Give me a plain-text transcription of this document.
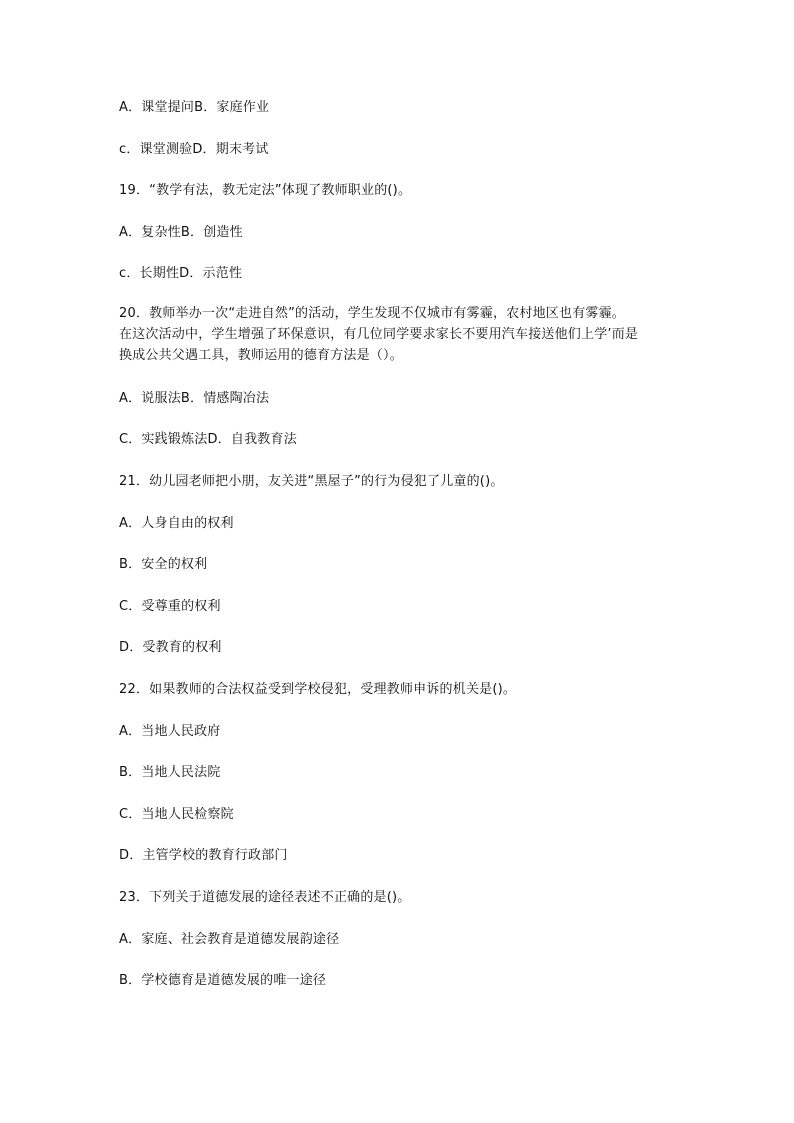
A．课堂提问B．家庭作业
c．课堂测验D．期末考试
19．“教学有法，教无定法”体现了教师职业的()。
A．复杂性B．创造性
c．长期性D．示范性
20．教师举办一次“走进自然”的活动，学生发现不仅城市有雾霾，农村地区也有雾霾。
在这次活动中，学生增强了环保意识，有几位同学要求家长不要用汽车接送他们上学’而是
换成公共父遇工具，教师运用的德育方法是（）。
A．说服法B．情感陶冶法
C．实践锻炼法D．自我教育法
21．幼儿园老师把小朋，友关进“黑屋子”的行为侵犯了儿童的()。
A．人身自由的权利
B．安全的权利
C．受尊重的权利
D．受教育的权利
22．如果教师的合法权益受到学校侵犯，受理教师申诉的机关是()。
A．当地人民政府
B．当地人民法院
C．当地人民检察院
D．主管学校的教育行政部门
23．下列关于道德发展的途径表述不正确的是()。
A．家庭、社会教育是道德发展韵途径
B．学校德育是道德发展的唯一途径
